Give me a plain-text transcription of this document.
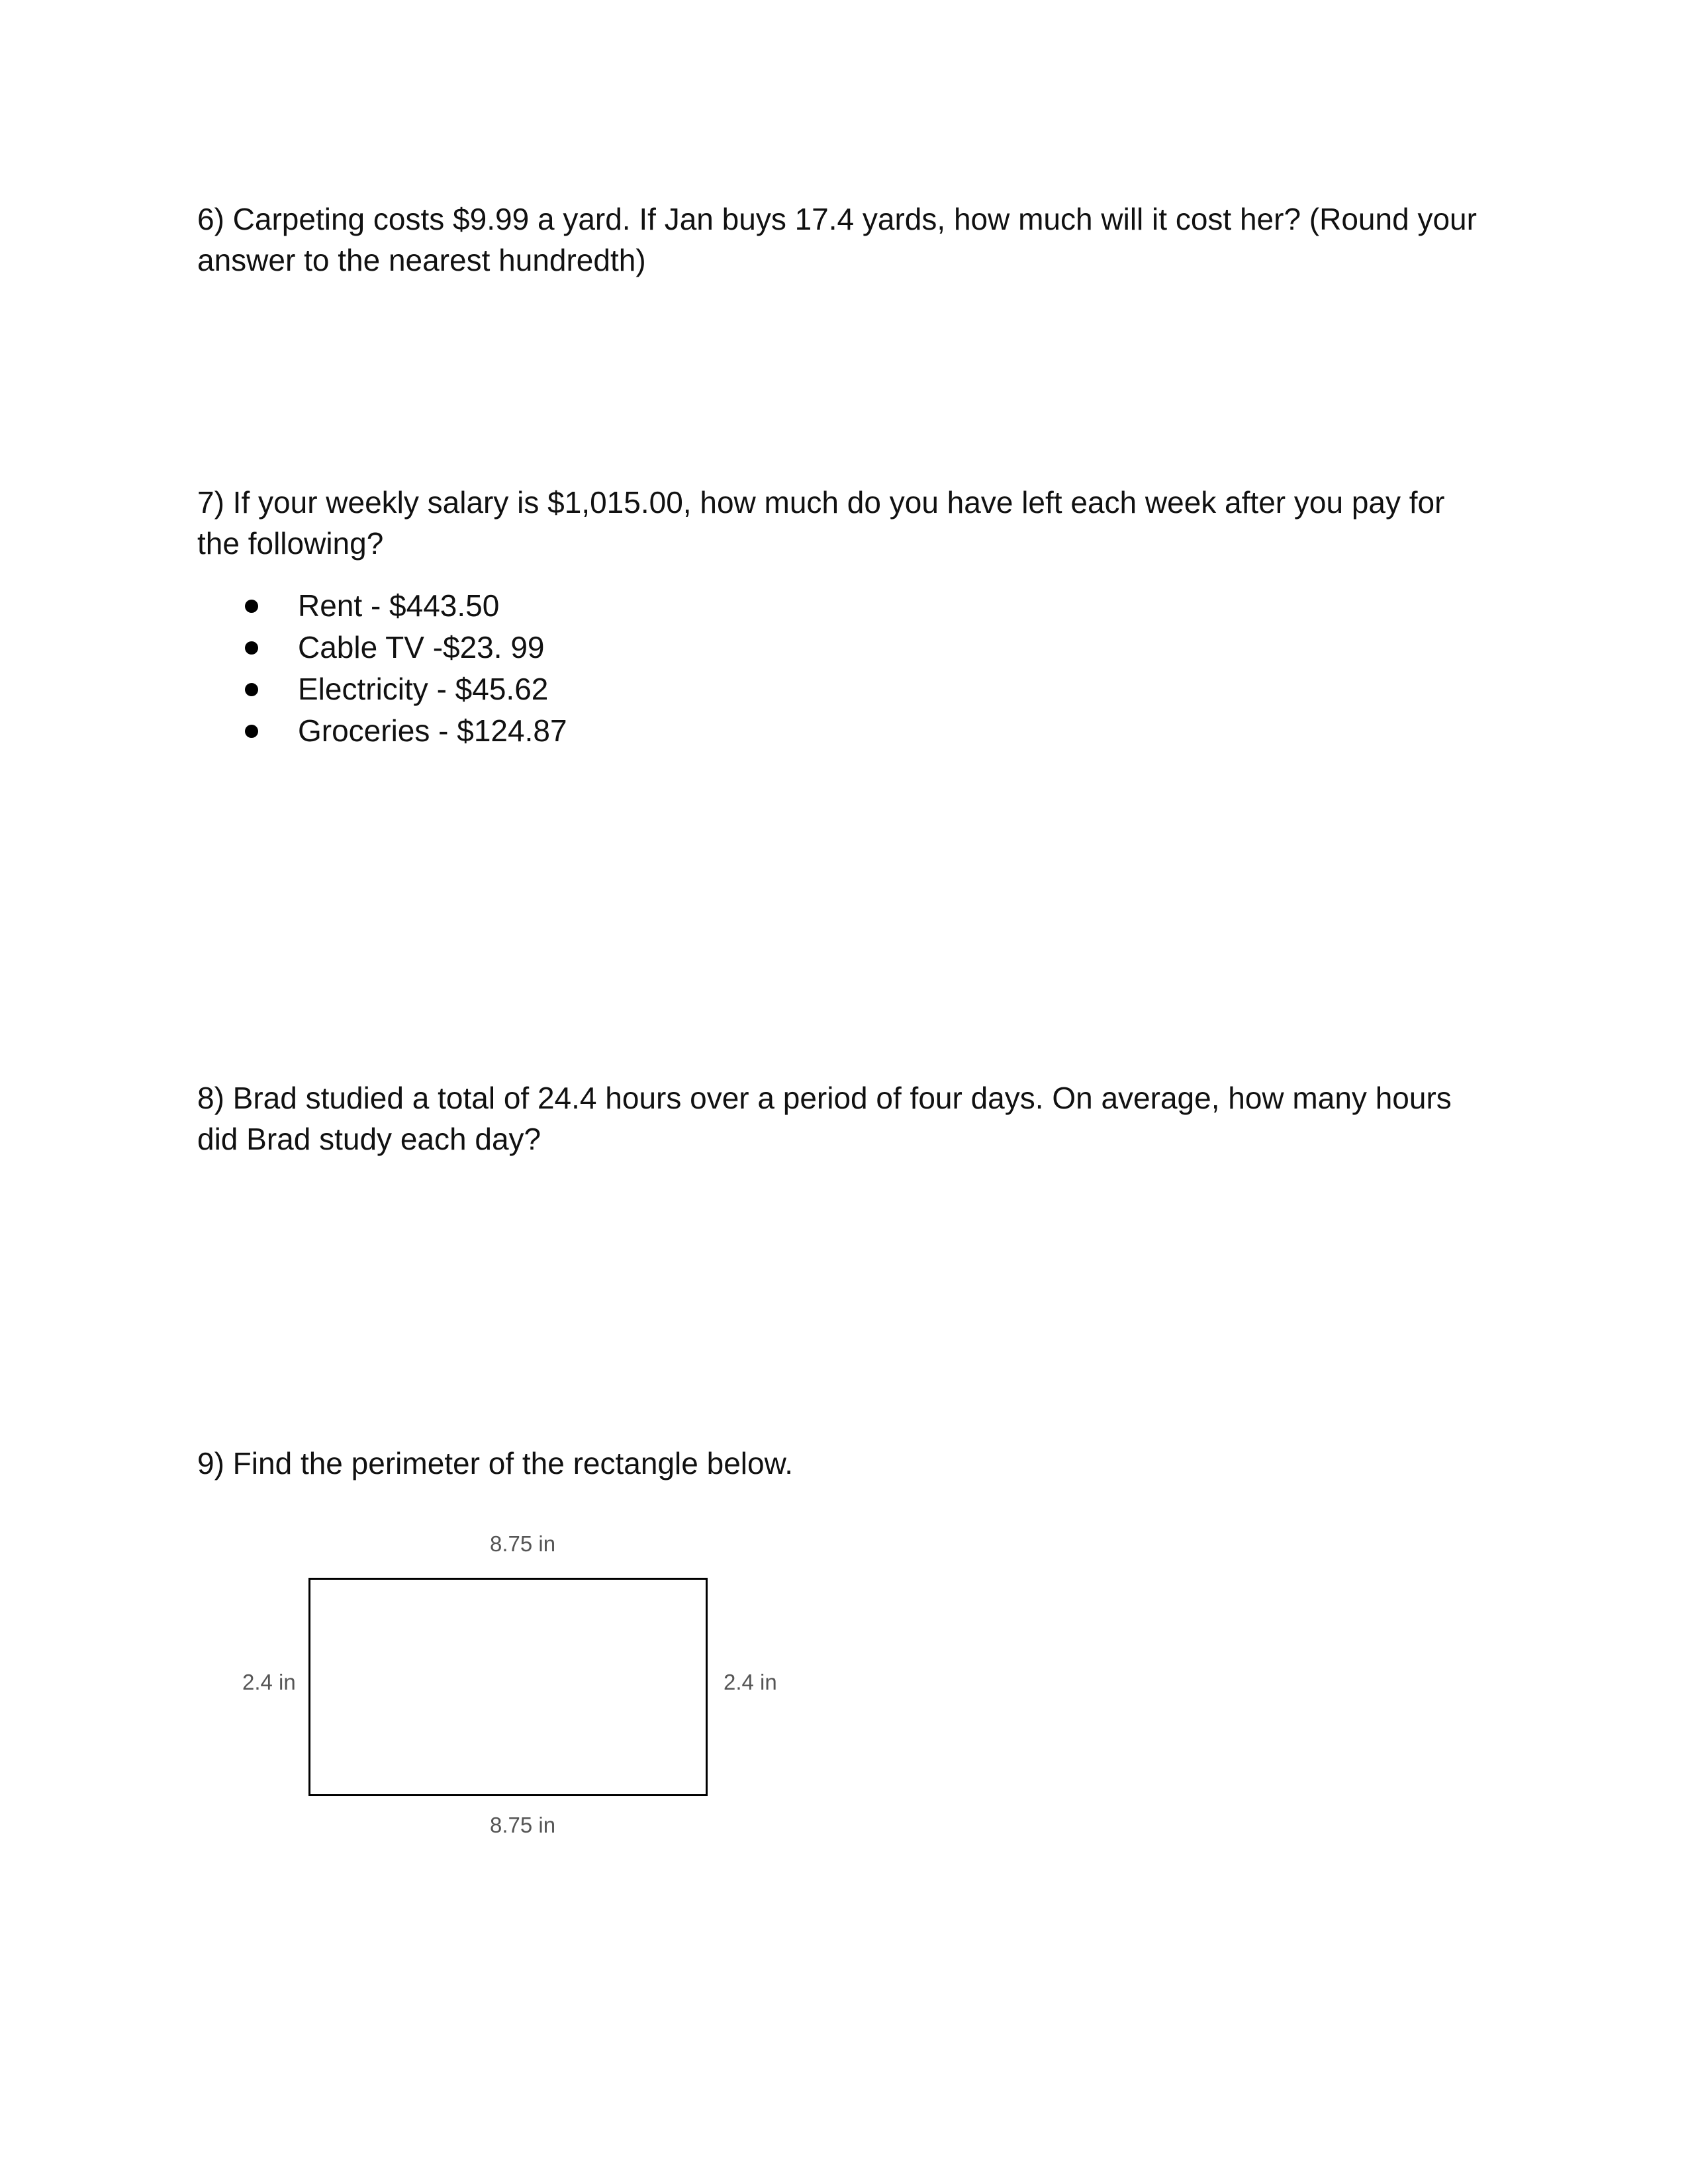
6) Carpeting costs $9.99 a yard. If Jan buys 17.4 yards, how much will it cost her? (Round your answer to the nearest hundredth)

7) If your weekly salary is $1,015.00, how much do you have left each week after you pay for the following?

Rent - $443.50
Cable TV -$23. 99
Electricity - $45.62
Groceries - $124.87

8) Brad studied a total of 24.4 hours over a period of four days. On average, how many hours did Brad study each day?

9) Find the perimeter of the rectangle below.

8.75 in
8.75 in
2.4 in	2.4 in
